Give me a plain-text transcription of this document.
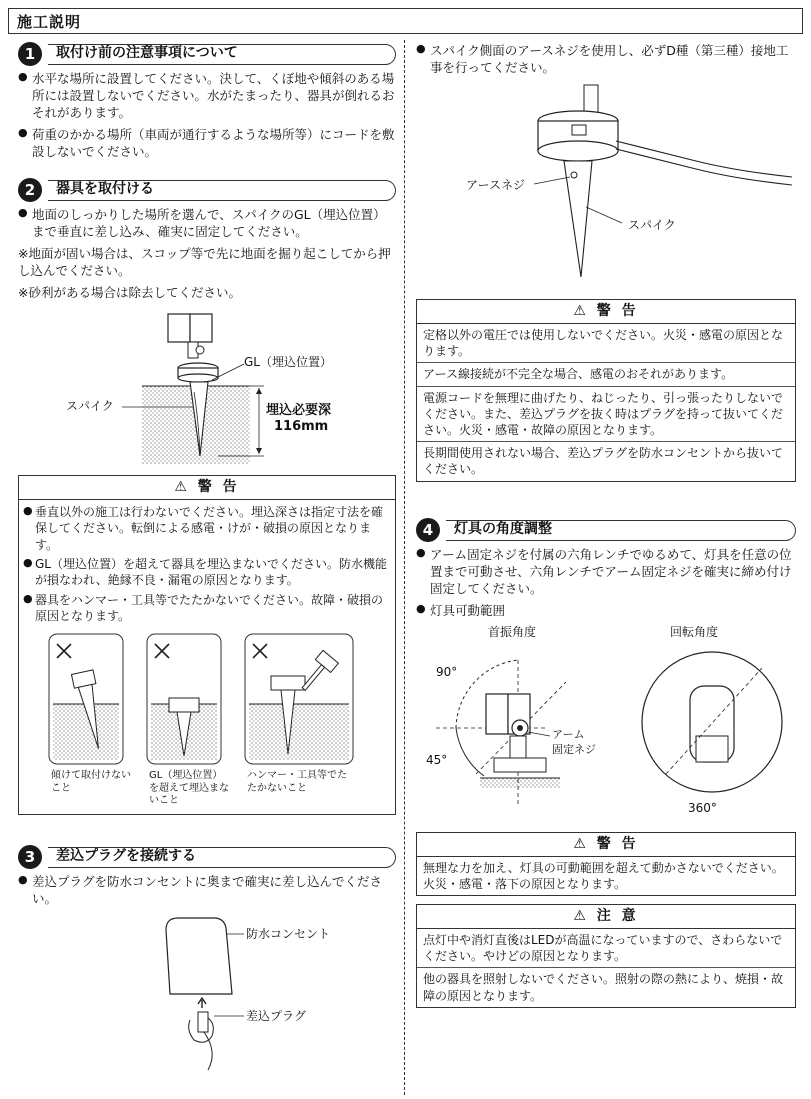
施工説明
1	取付け前の注意事項について
● 水平な場所に設置してください。決して、くぼ地や傾斜のある場所には設置しないでください。水がたまったり、器具が倒れるおそれがあります。
● 荷重のかかる場所（車両が通行するような場所等）にコードを敷設しないでください。
2	器具を取付ける
● 地面のしっかりした場所を選んで、スパイクのGL（埋込位置）まで垂直に差し込み、確実に固定してください。
※地面が固い場合は、スコップ等で先に地面を掘り起こしてから押し込んでください。
※砂利がある場合は除去してください。
GL（埋込位置）
スパイク	埋込必要深
116mm
⚠ 警 告
● 垂直以外の施工は行わないでください。埋込深さは指定寸法を確保してください。転倒による感電・けが・破損の原因となります。
● GL（埋込位置）を超えて器具を埋込まないでください。防水機能が損なわれ、絶縁不良・漏電の原因となります。
● 器具をハンマー・工具等でたたかないでください。故障・破損の原因となります。
傾けて取付けないこと
GL（埋込位置）を超えて埋込まないこと
ハンマー・工具等でたたかないこと
3	差込プラグを接続する
● 差込プラグを防水コンセントに奥まで確実に差し込んでください。
防水コンセント
差込プラグ
● スパイク側面のアースネジを使用し、必ずD種（第三種）接地工事を行ってください。
アースネジ
スパイク
⚠ 警 告
定格以外の電圧では使用しないでください。火災・感電の原因となります。
アース線接続が不完全な場合、感電のおそれがあります。
電源コードを無理に曲げたり、ねじったり、引っ張ったりしないでください。また、差込プラグを抜く時はプラグを持って抜いてください。火災・感電・故障の原因となります。
長期間使用されない場合、差込プラグを防水コンセントから抜いてください。
4	灯具の角度調整
● アーム固定ネジを付属の六角レンチでゆるめて、灯具を任意の位置まで可動させ、六角レンチでアーム固定ネジを確実に締め付け固定してください。
● 灯具可動範囲
首振角度	回転角度
90°
45°
360°
アーム
固定ネジ
⚠ 警 告
無理な力を加え、灯具の可動範囲を超えて動かさないでください。火災・感電・落下の原因となります。
⚠ 注 意
点灯中や消灯直後はLEDが高温になっていますので、さわらないでください。やけどの原因となります。
他の器具を照射しないでください。照射の際の熱により、焼損・故障の原因となります。
